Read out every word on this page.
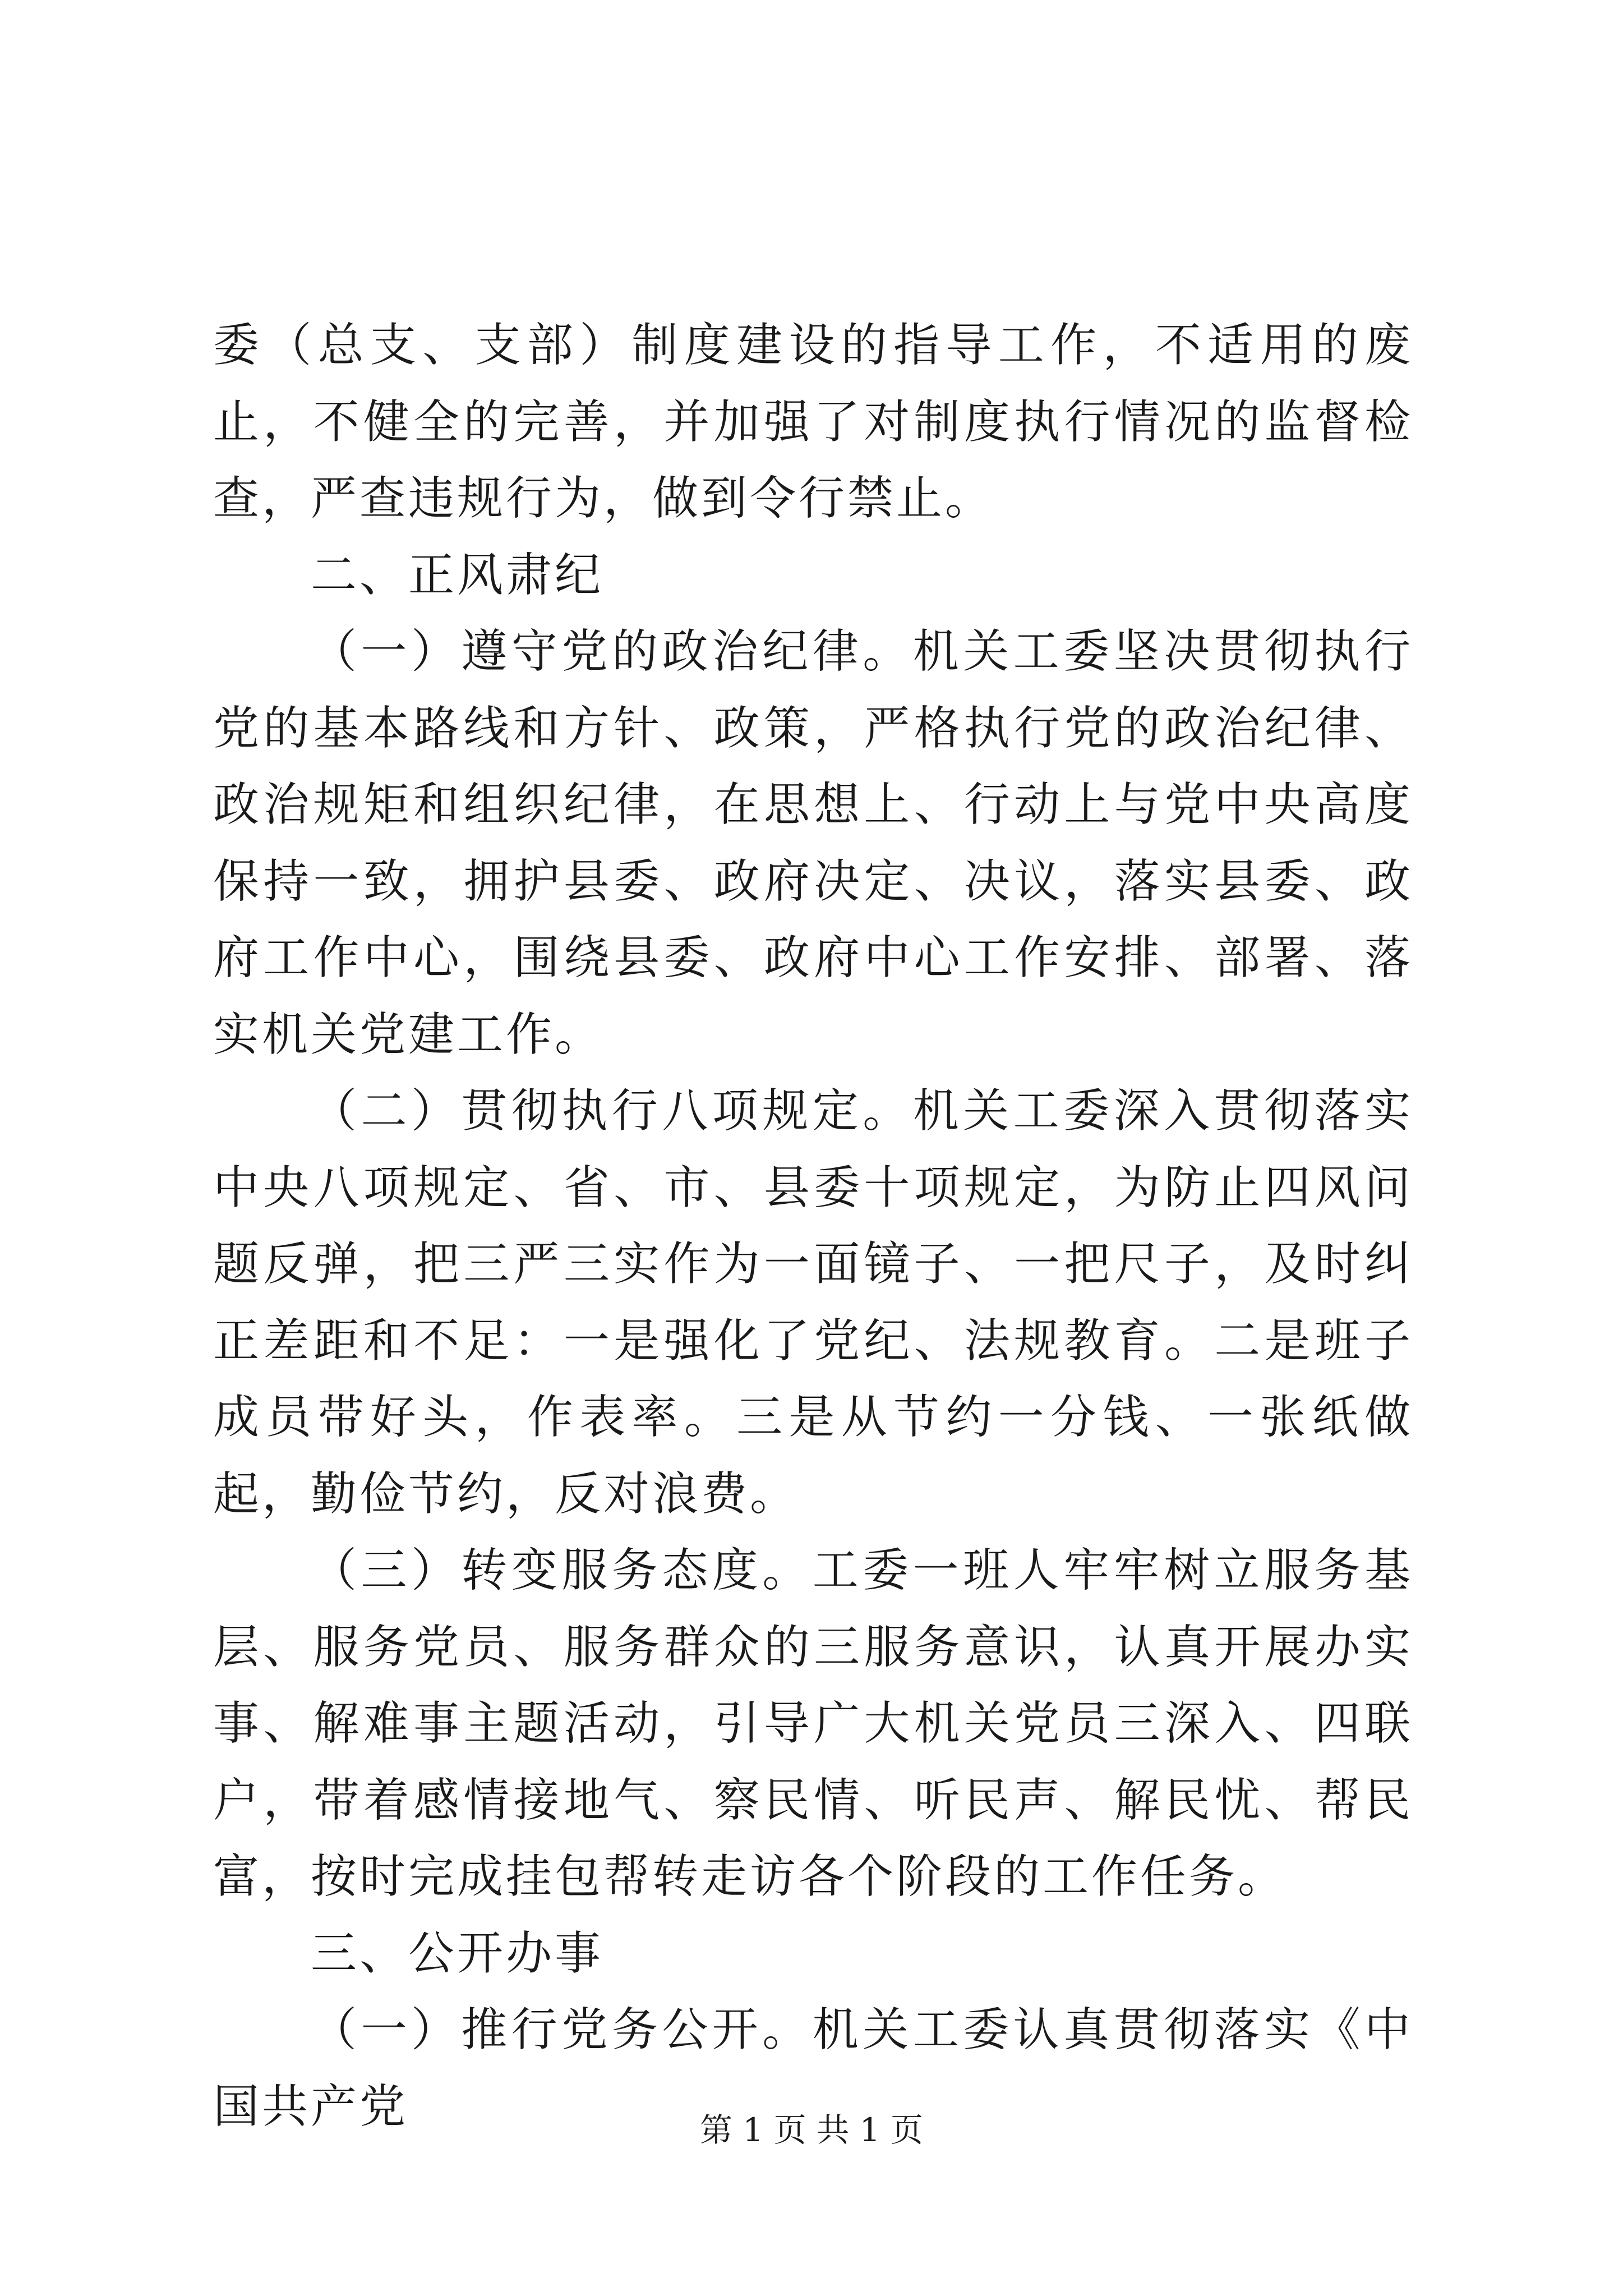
委（总支、支部）制度建设的指导工作，不适用的废止，不健全的完善，并加强了对制度执行情况的监督检查，严查违规行为，做到令行禁止。

二、正风肃纪

（一）遵守党的政治纪律。机关工委坚决贯彻执行党的基本路线和方针、政策，严格执行党的政治纪律、政治规矩和组织纪律，在思想上、行动上与党中央高度保持一致，拥护县委、政府决定、决议，落实县委、政府工作中心，围绕县委、政府中心工作安排、部署、落实机关党建工作。

（二）贯彻执行八项规定。机关工委深入贯彻落实中央八项规定、省、市、县委十项规定，为防止四风问题反弹，把三严三实作为一面镜子、一把尺子，及时纠正差距和不足：一是强化了党纪、法规教育。二是班子成员带好头，作表率。三是从节约一分钱、一张纸做起，勤俭节约，反对浪费。

（三）转变服务态度。工委一班人牢牢树立服务基层、服务党员、服务群众的三服务意识，认真开展办实事、解难事主题活动，引导广大机关党员三深入、四联户，带着感情接地气、察民情、听民声、解民忧、帮民富，按时完成挂包帮转走访各个阶段的工作任务。

三、公开办事

（一）推行党务公开。机关工委认真贯彻落实《中国共产党	第 1 页 共 1 页
